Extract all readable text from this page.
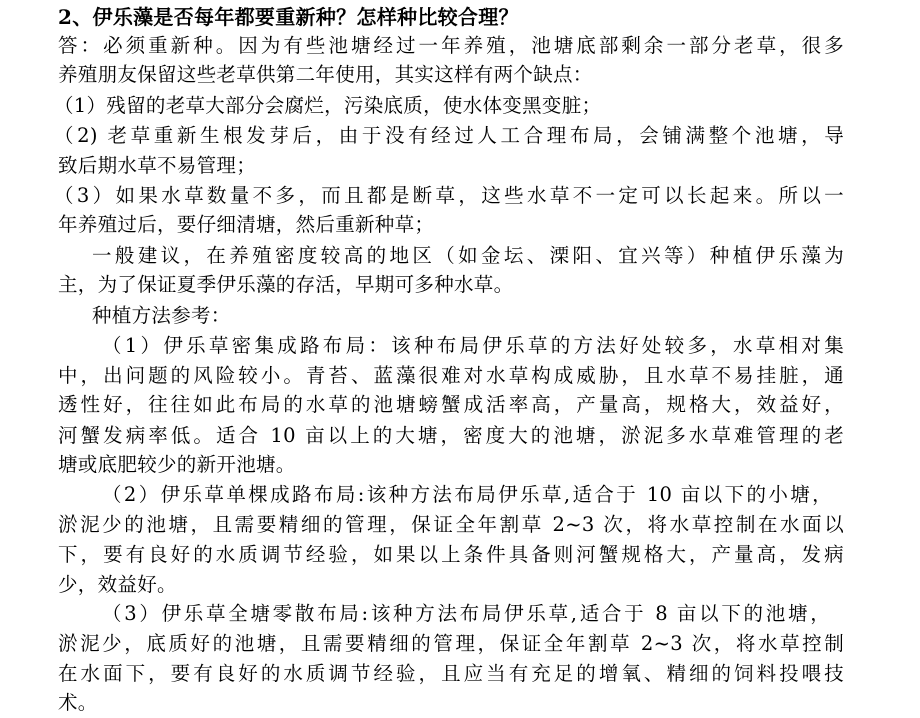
2、伊乐藻是否每年都要重新种？怎样种比较合理？
答：必须重新种。因为有些池塘经过一年养殖，池塘底部剩余一部分老草，很多
养殖朋友保留这些老草供第二年使用，其实这样有两个缺点：
（1）残留的老草大部分会腐烂，污染底质，使水体变黑变脏；
（2) 老草重新生根发芽后，由于没有经过人工合理布局，会铺满整个池塘，导
致后期水草不易管理；
（3）如果水草数量不多，而且都是断草，这些水草不一定可以长起来。所以一
年养殖过后，要仔细清塘，然后重新种草；
一般建议，在养殖密度较高的地区（如金坛、溧阳、宜兴等）种植伊乐藻为
主，为了保证夏季伊乐藻的存活，早期可多种水草。
种植方法参考：
（1）伊乐草密集成路布局：该种布局伊乐草的方法好处较多，水草相对集
中，出问题的风险较小。青苔、蓝藻很难对水草构成威胁，且水草不易挂脏，通
透性好，往往如此布局的水草的池塘螃蟹成活率高，产量高，规格大，效益好，
河蟹发病率低。适合 10 亩以上的大塘，密度大的池塘，淤泥多水草难管理的老
塘或底肥较少的新开池塘。
（2）伊乐草单棵成路布局:该种方法布局伊乐草,适合于 10 亩以下的小塘，
淤泥少的池塘，且需要精细的管理，保证全年割草 2~3 次，将水草控制在水面以
下，要有良好的水质调节经验，如果以上条件具备则河蟹规格大，产量高，发病
少，效益好。
（3）伊乐草全塘零散布局:该种方法布局伊乐草,适合于 8 亩以下的池塘，
淤泥少，底质好的池塘，且需要精细的管理，保证全年割草 2~3 次，将水草控制
在水面下，要有良好的水质调节经验，且应当有充足的增氧、精细的饲料投喂技
术。
